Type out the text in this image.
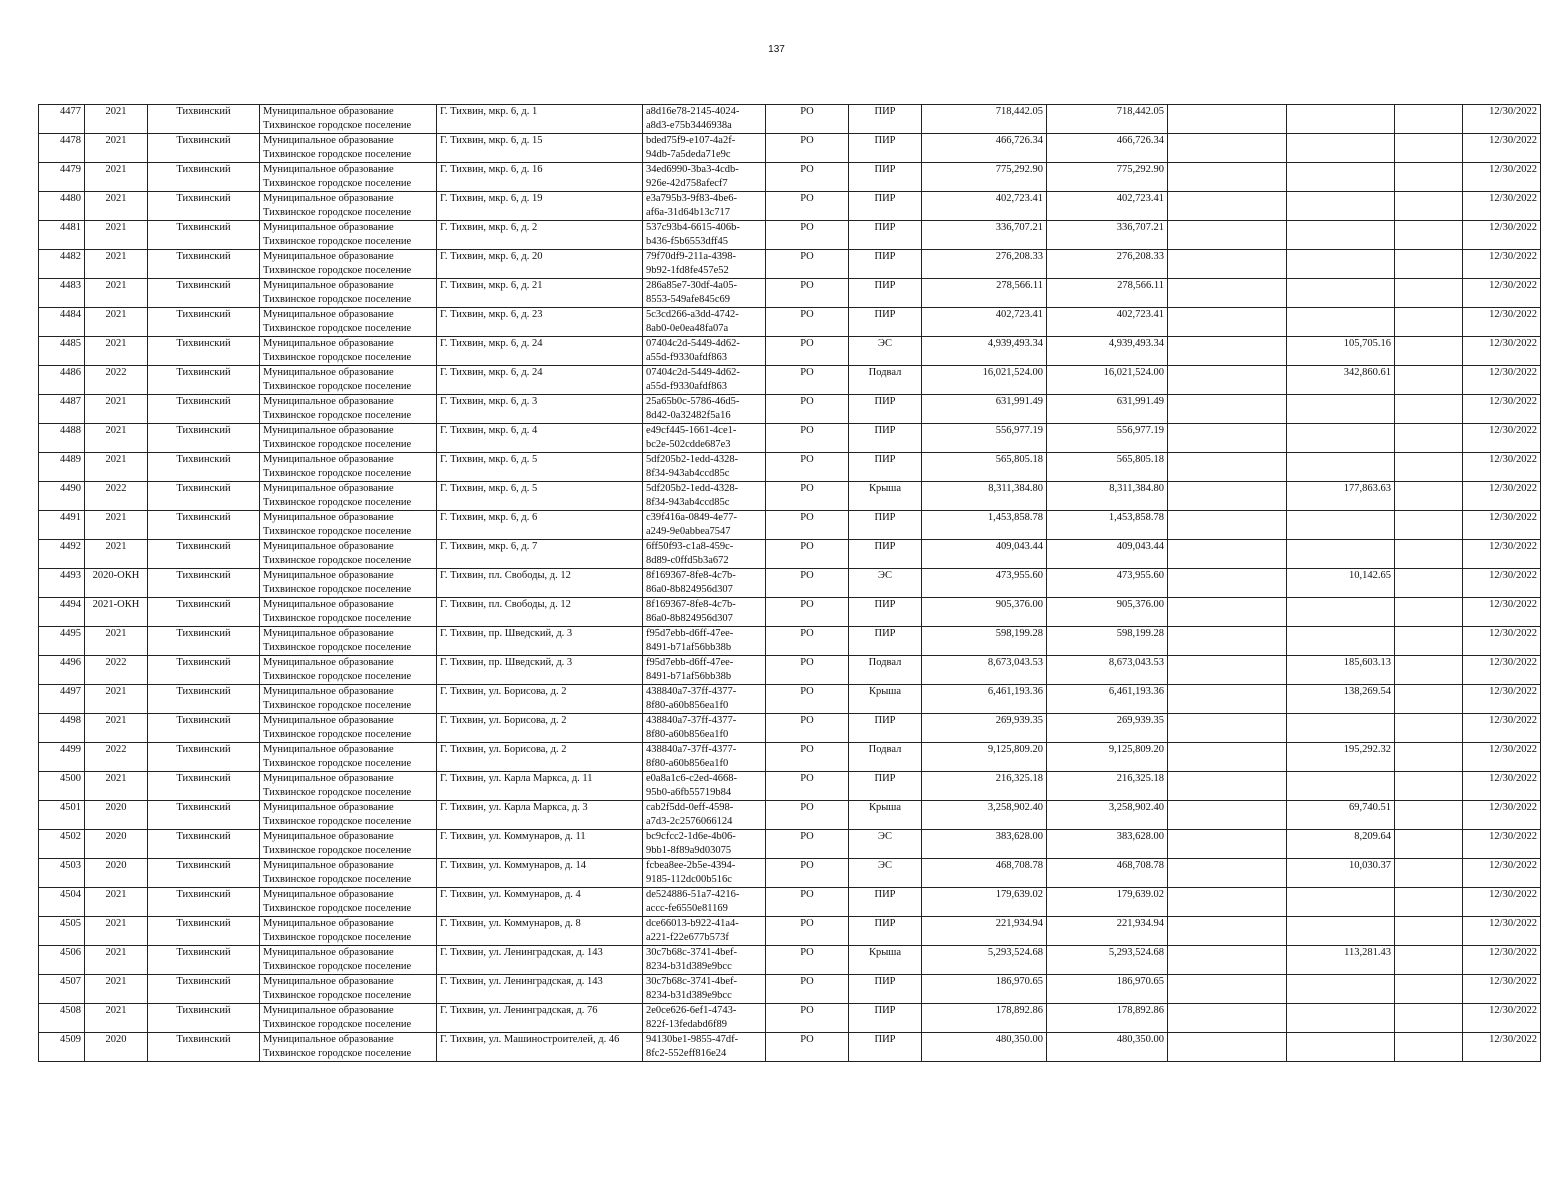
137
4477	2021	Тихвинский	Муниципальное образование
Тихвинское городское поселение	Г. Тихвин, мкр. 6, д. 1	a8d16e78-2145-4024-
a8d3-e75b3446938a	РО	ПИР	718,442.05	718,442.05				12/30/2022
4478	2021	Тихвинский	Муниципальное образование
Тихвинское городское поселение	Г. Тихвин, мкр. 6, д. 15	bded75f9-e107-4a2f-
94db-7a5deda71e9c	РО	ПИР	466,726.34	466,726.34				12/30/2022
4479	2021	Тихвинский	Муниципальное образование
Тихвинское городское поселение	Г. Тихвин, мкр. 6, д. 16	34ed6990-3ba3-4cdb-
926e-42d758afecf7	РО	ПИР	775,292.90	775,292.90				12/30/2022
4480	2021	Тихвинский	Муниципальное образование
Тихвинское городское поселение	Г. Тихвин, мкр. 6, д. 19	e3a795b3-9f83-4be6-
af6a-31d64b13c717	РО	ПИР	402,723.41	402,723.41				12/30/2022
4481	2021	Тихвинский	Муниципальное образование
Тихвинское городское поселение	Г. Тихвин, мкр. 6, д. 2	537c93b4-6615-406b-
b436-f5b6553dff45	РО	ПИР	336,707.21	336,707.21				12/30/2022
4482	2021	Тихвинский	Муниципальное образование
Тихвинское городское поселение	Г. Тихвин, мкр. 6, д. 20	79f70df9-211a-4398-
9b92-1fd8fe457e52	РО	ПИР	276,208.33	276,208.33				12/30/2022
4483	2021	Тихвинский	Муниципальное образование
Тихвинское городское поселение	Г. Тихвин, мкр. 6, д. 21	286a85e7-30df-4a05-
8553-549afe845c69	РО	ПИР	278,566.11	278,566.11				12/30/2022
4484	2021	Тихвинский	Муниципальное образование
Тихвинское городское поселение	Г. Тихвин, мкр. 6, д. 23	5c3cd266-a3dd-4742-
8ab0-0e0ea48fa07a	РО	ПИР	402,723.41	402,723.41				12/30/2022
4485	2021	Тихвинский	Муниципальное образование
Тихвинское городское поселение	Г. Тихвин, мкр. 6, д. 24	07404c2d-5449-4d62-
a55d-f9330afdf863	РО	ЭС	4,939,493.34	4,939,493.34		105,705.16		12/30/2022
4486	2022	Тихвинский	Муниципальное образование
Тихвинское городское поселение	Г. Тихвин, мкр. 6, д. 24	07404c2d-5449-4d62-
a55d-f9330afdf863	РО	Подвал	16,021,524.00	16,021,524.00		342,860.61		12/30/2022
4487	2021	Тихвинский	Муниципальное образование
Тихвинское городское поселение	Г. Тихвин, мкр. 6, д. 3	25a65b0c-5786-46d5-
8d42-0a32482f5a16	РО	ПИР	631,991.49	631,991.49				12/30/2022
4488	2021	Тихвинский	Муниципальное образование
Тихвинское городское поселение	Г. Тихвин, мкр. 6, д. 4	e49cf445-1661-4ce1-
bc2e-502cdde687e3	РО	ПИР	556,977.19	556,977.19				12/30/2022
4489	2021	Тихвинский	Муниципальное образование
Тихвинское городское поселение	Г. Тихвин, мкр. 6, д. 5	5df205b2-1edd-4328-
8f34-943ab4ccd85c	РО	ПИР	565,805.18	565,805.18				12/30/2022
4490	2022	Тихвинский	Муниципальное образование
Тихвинское городское поселение	Г. Тихвин, мкр. 6, д. 5	5df205b2-1edd-4328-
8f34-943ab4ccd85c	РО	Крыша	8,311,384.80	8,311,384.80		177,863.63		12/30/2022
4491	2021	Тихвинский	Муниципальное образование
Тихвинское городское поселение	Г. Тихвин, мкр. 6, д. 6	c39f416a-0849-4e77-
a249-9e0abbea7547	РО	ПИР	1,453,858.78	1,453,858.78				12/30/2022
4492	2021	Тихвинский	Муниципальное образование
Тихвинское городское поселение	Г. Тихвин, мкр. 6, д. 7	6ff50f93-c1a8-459c-
8d89-c0ffd5b3a672	РО	ПИР	409,043.44	409,043.44				12/30/2022
4493	2020-ОКН	Тихвинский	Муниципальное образование
Тихвинское городское поселение	Г. Тихвин, пл. Свободы, д. 12	8f169367-8fe8-4c7b-
86a0-8b824956d307	РО	ЭС	473,955.60	473,955.60		10,142.65		12/30/2022
4494	2021-ОКН	Тихвинский	Муниципальное образование
Тихвинское городское поселение	Г. Тихвин, пл. Свободы, д. 12	8f169367-8fe8-4c7b-
86a0-8b824956d307	РО	ПИР	905,376.00	905,376.00				12/30/2022
4495	2021	Тихвинский	Муниципальное образование
Тихвинское городское поселение	Г. Тихвин, пр. Шведский, д. 3	f95d7ebb-d6ff-47ee-
8491-b71af56bb38b	РО	ПИР	598,199.28	598,199.28				12/30/2022
4496	2022	Тихвинский	Муниципальное образование
Тихвинское городское поселение	Г. Тихвин, пр. Шведский, д. 3	f95d7ebb-d6ff-47ee-
8491-b71af56bb38b	РО	Подвал	8,673,043.53	8,673,043.53		185,603.13		12/30/2022
4497	2021	Тихвинский	Муниципальное образование
Тихвинское городское поселение	Г. Тихвин, ул. Борисова, д. 2	438840a7-37ff-4377-
8f80-a60b856ea1f0	РО	Крыша	6,461,193.36	6,461,193.36		138,269.54		12/30/2022
4498	2021	Тихвинский	Муниципальное образование
Тихвинское городское поселение	Г. Тихвин, ул. Борисова, д. 2	438840a7-37ff-4377-
8f80-a60b856ea1f0	РО	ПИР	269,939.35	269,939.35				12/30/2022
4499	2022	Тихвинский	Муниципальное образование
Тихвинское городское поселение	Г. Тихвин, ул. Борисова, д. 2	438840a7-37ff-4377-
8f80-a60b856ea1f0	РО	Подвал	9,125,809.20	9,125,809.20		195,292.32		12/30/2022
4500	2021	Тихвинский	Муниципальное образование
Тихвинское городское поселение	Г. Тихвин, ул. Карла Маркса, д. 11	e0a8a1c6-c2ed-4668-
95b0-a6fb55719b84	РО	ПИР	216,325.18	216,325.18				12/30/2022
4501	2020	Тихвинский	Муниципальное образование
Тихвинское городское поселение	Г. Тихвин, ул. Карла Маркса, д. 3	cab2f5dd-0eff-4598-
a7d3-2c2576066124	РО	Крыша	3,258,902.40	3,258,902.40		69,740.51		12/30/2022
4502	2020	Тихвинский	Муниципальное образование
Тихвинское городское поселение	Г. Тихвин, ул. Коммунаров, д. 11	bc9cfcc2-1d6e-4b06-
9bb1-8f89a9d03075	РО	ЭС	383,628.00	383,628.00		8,209.64		12/30/2022
4503	2020	Тихвинский	Муниципальное образование
Тихвинское городское поселение	Г. Тихвин, ул. Коммунаров, д. 14	fcbea8ee-2b5e-4394-
9185-112dc00b516c	РО	ЭС	468,708.78	468,708.78		10,030.37		12/30/2022
4504	2021	Тихвинский	Муниципальное образование
Тихвинское городское поселение	Г. Тихвин, ул. Коммунаров, д. 4	de524886-51a7-4216-
accc-fe6550e81169	РО	ПИР	179,639.02	179,639.02				12/30/2022
4505	2021	Тихвинский	Муниципальное образование
Тихвинское городское поселение	Г. Тихвин, ул. Коммунаров, д. 8	dce66013-b922-41a4-
a221-f22e677b573f	РО	ПИР	221,934.94	221,934.94				12/30/2022
4506	2021	Тихвинский	Муниципальное образование
Тихвинское городское поселение	Г. Тихвин, ул. Ленинградская, д. 143	30c7b68c-3741-4bef-
8234-b31d389e9bcc	РО	Крыша	5,293,524.68	5,293,524.68		113,281.43		12/30/2022
4507	2021	Тихвинский	Муниципальное образование
Тихвинское городское поселение	Г. Тихвин, ул. Ленинградская, д. 143	30c7b68c-3741-4bef-
8234-b31d389e9bcc	РО	ПИР	186,970.65	186,970.65				12/30/2022
4508	2021	Тихвинский	Муниципальное образование
Тихвинское городское поселение	Г. Тихвин, ул. Ленинградская, д. 76	2e0ce626-6ef1-4743-
822f-13fedabd6f89	РО	ПИР	178,892.86	178,892.86				12/30/2022
4509	2020	Тихвинский	Муниципальное образование
Тихвинское городское поселение	Г. Тихвин, ул. Машиностроителей, д. 46	94130be1-9855-47df-
8fc2-552eff816e24	РО	ПИР	480,350.00	480,350.00				12/30/2022
